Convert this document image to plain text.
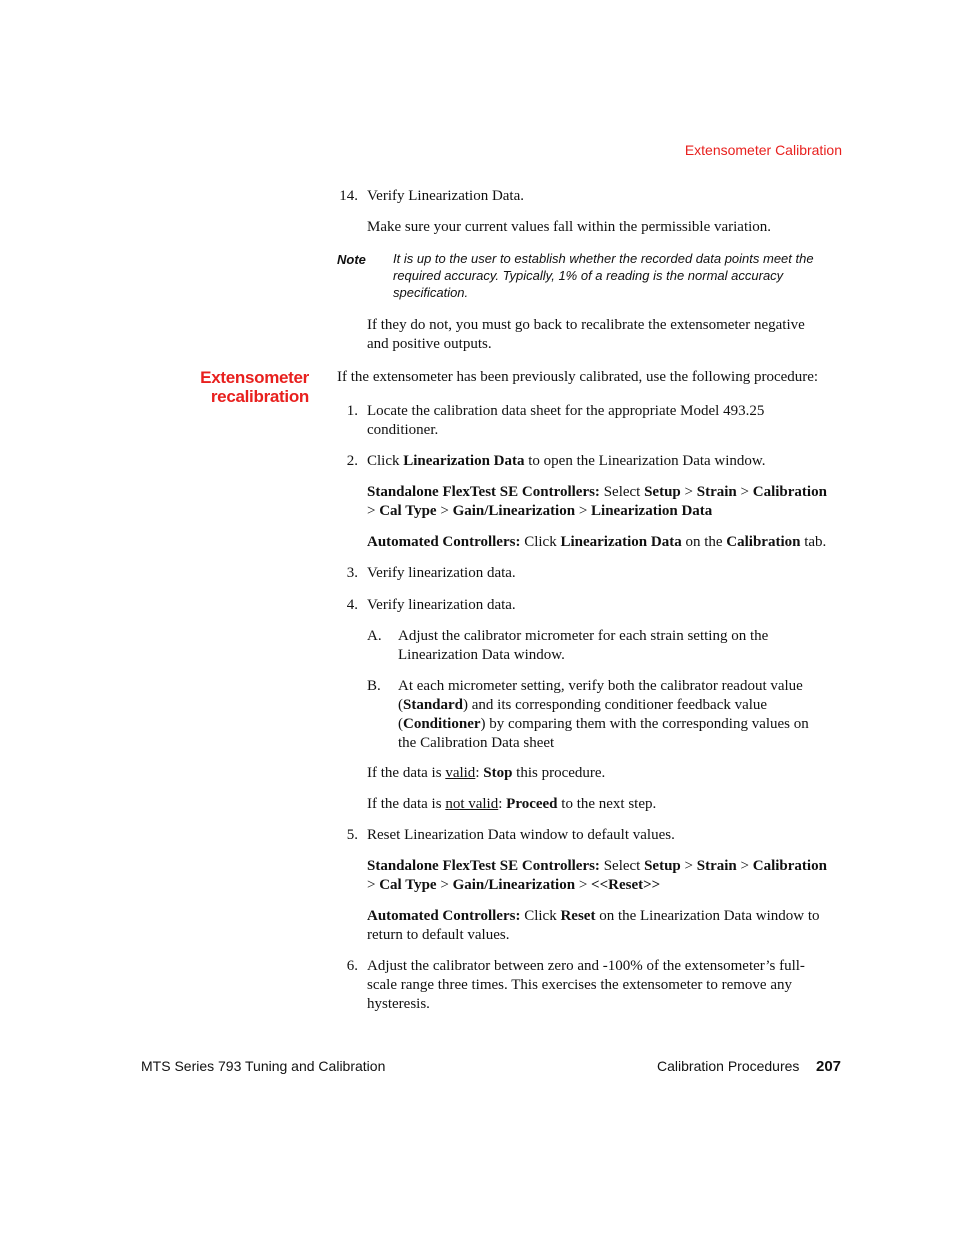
Extensometer Calibration
14. Verify Linearization Data.
Make sure your current values fall within the permissible variation.
Note It is up to the user to establish whether the recorded data points meet the
required accuracy. Typically, 1% of a reading is the normal accuracy
specification.
If they do not, you must go back to recalibrate the extensometer negative
and positive outputs.
Extensometer
recalibration
If the extensometer has been previously calibrated, use the following procedure:
1. Locate the calibration data sheet for the appropriate Model 493.25
conditioner.
2. Click Linearization Data to open the Linearization Data window.
Standalone FlexTest SE Controllers: Select Setup > Strain > Calibration
> Cal Type > Gain/Linearization > Linearization Data
Automated Controllers: Click Linearization Data on the Calibration tab.
3. Verify linearization data.
4. Verify linearization data.
A. Adjust the calibrator micrometer for each strain setting on the
Linearization Data window.
B. At each micrometer setting, verify both the calibrator readout value
(Standard) and its corresponding conditioner feedback value
(Conditioner) by comparing them with the corresponding values on
the Calibration Data sheet
If the data is valid: Stop this procedure.
If the data is not valid: Proceed to the next step.
5. Reset Linearization Data window to default values.
Standalone FlexTest SE Controllers: Select Setup > Strain > Calibration
> Cal Type > Gain/Linearization > <<Reset>>
Automated Controllers: Click Reset on the Linearization Data window to
return to default values.
6. Adjust the calibrator between zero and -100% of the extensometer’s full-
scale range three times. This exercises the extensometer to remove any
hysteresis.
MTS Series 793 Tuning and Calibration	Calibration Procedures 207
